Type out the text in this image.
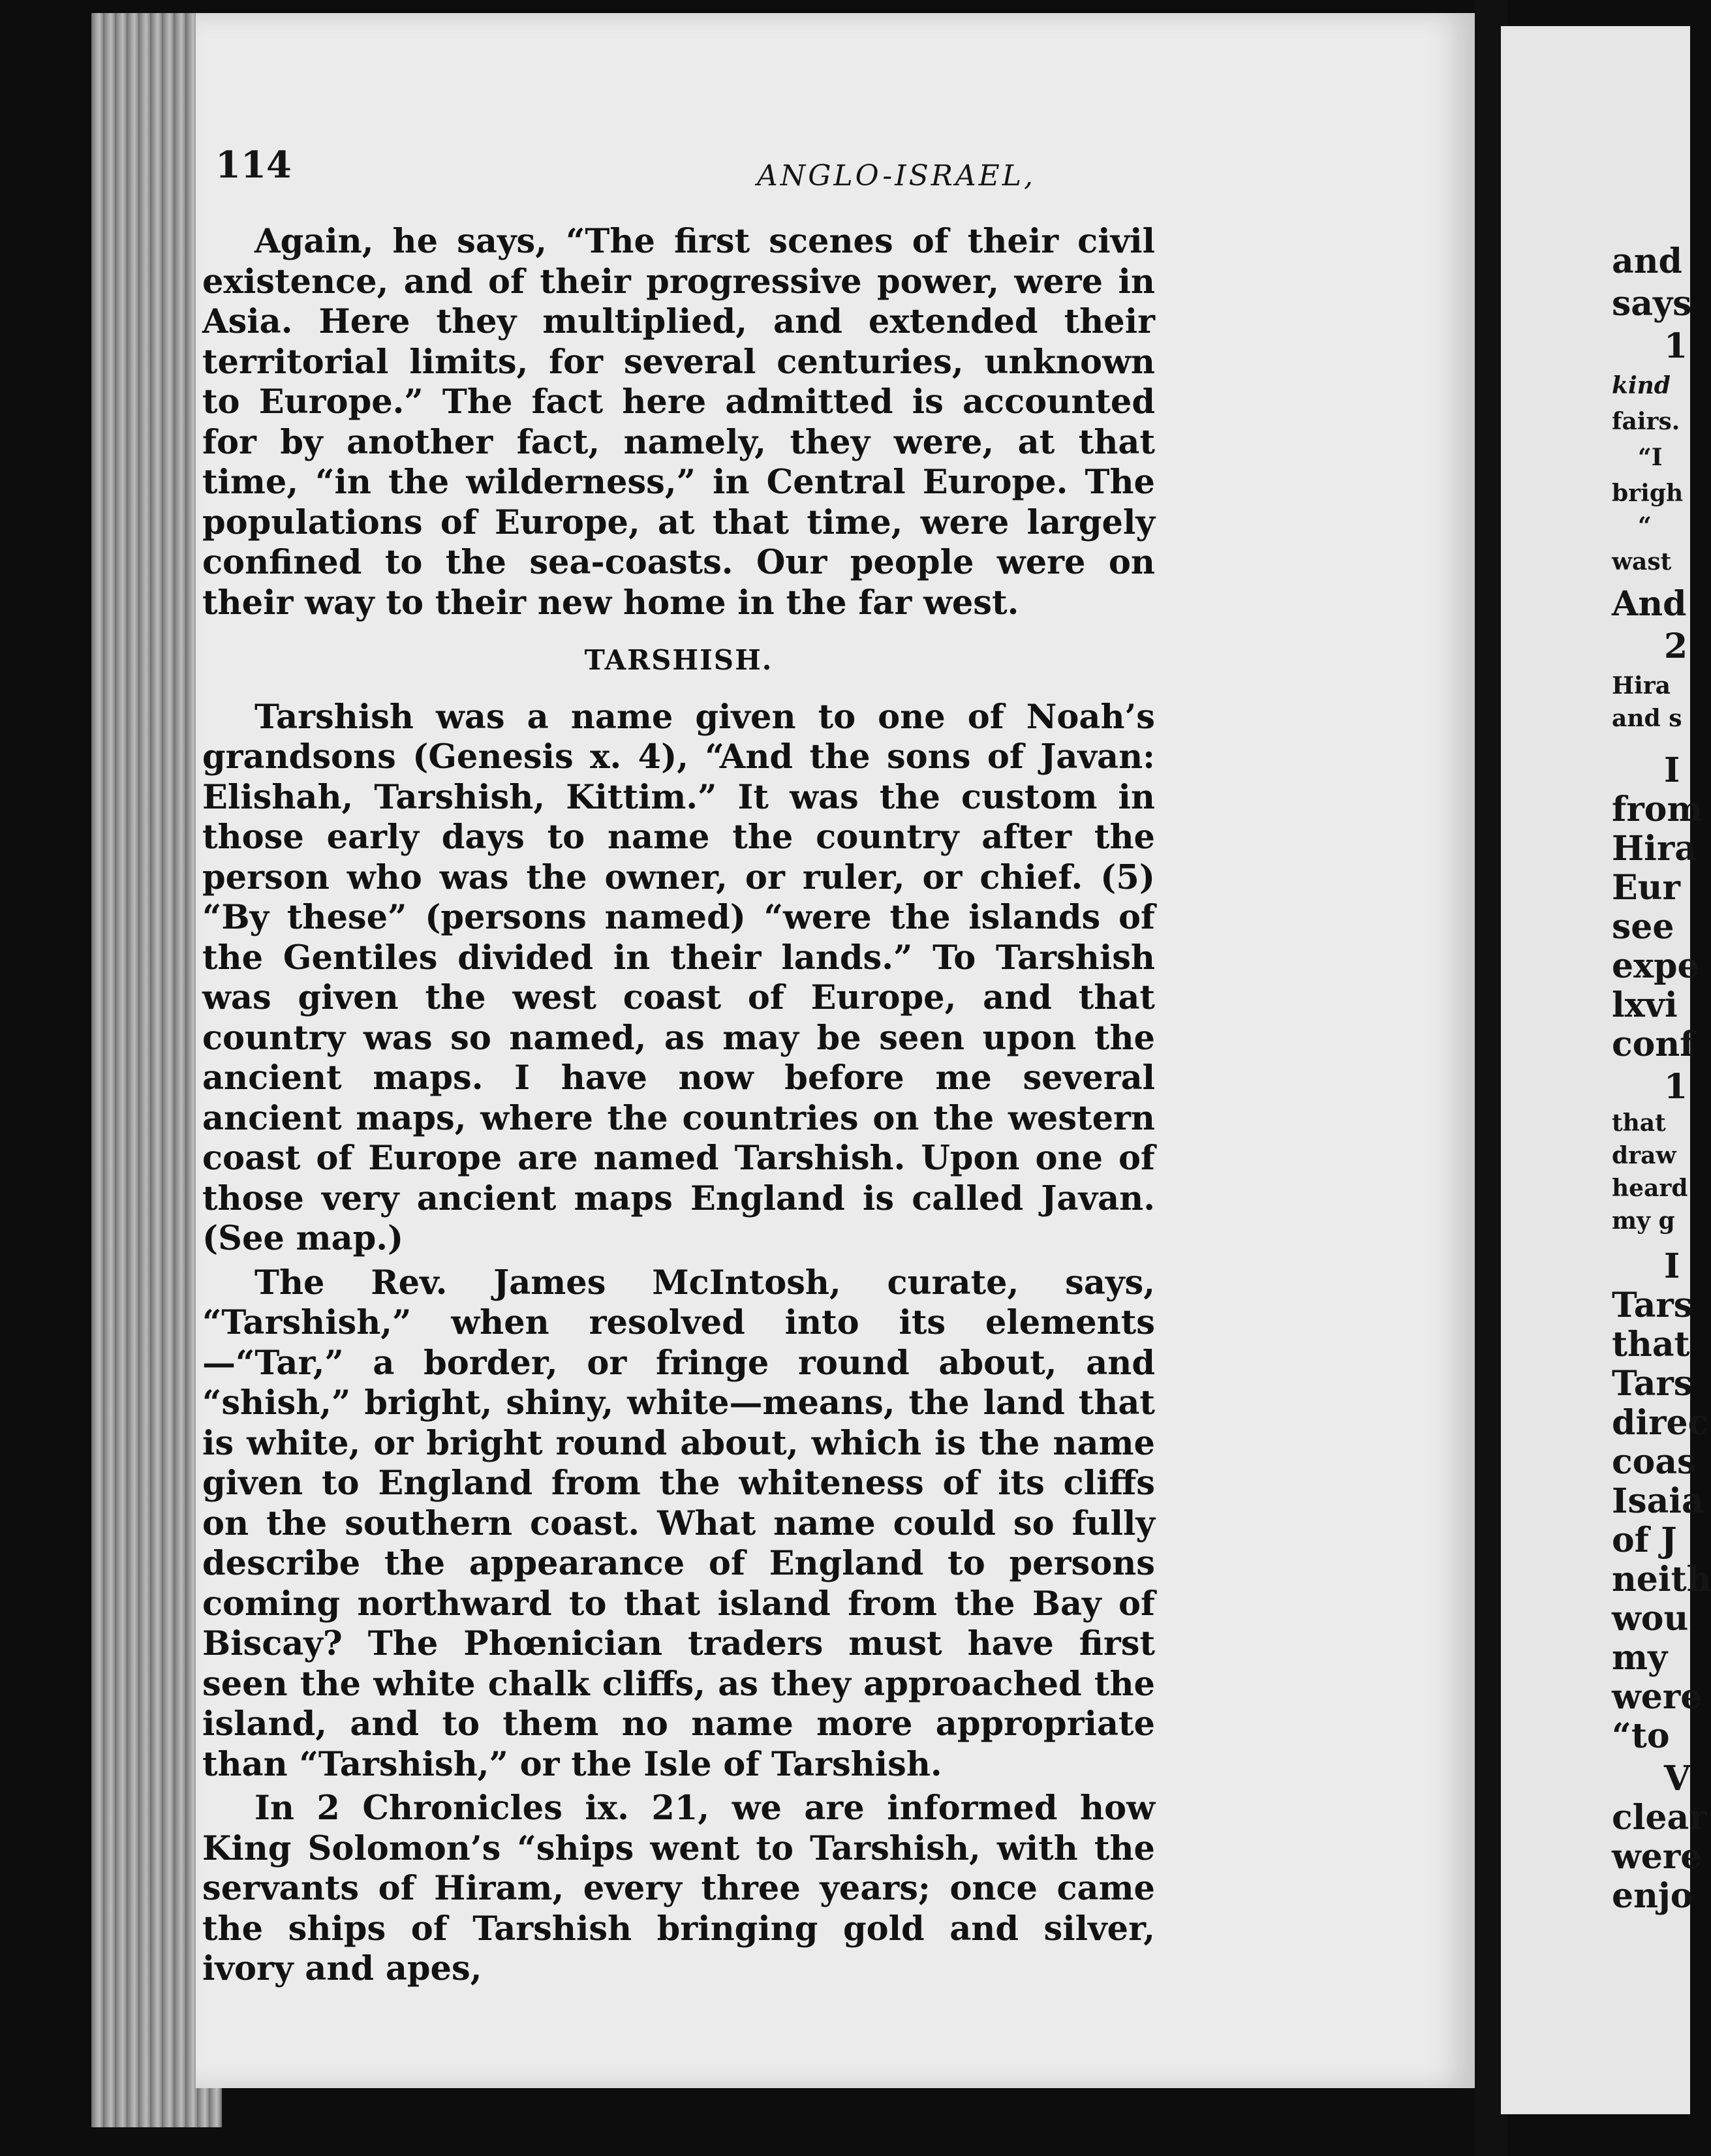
114	ANGLO-ISRAEL,

Again, he says, “The first scenes of their civil existence, and of their progressive power, were in Asia. Here they multiplied, and extended their territorial limits, for several centuries, unknown to Europe.” The fact here admitted is accounted for by another fact, namely, they were, at that time, “in the wilderness,” in Central Europe. The populations of Europe, at that time, were largely confined to the sea-coasts. Our people were on their way to their new home in the far west.

TARSHISH.

Tarshish was a name given to one of Noah’s grandsons (Genesis x. 4), “And the sons of Javan: Elishah, Tarshish, Kittim.” It was the custom in those early days to name the country after the person who was the owner, or ruler, or chief. (5) “By these” (persons named) “were the islands of the Gentiles divided in their lands.” To Tarshish was given the west coast of Europe, and that country was so named, as may be seen upon the ancient maps. I have now before me several ancient maps, where the countries on the western coast of Europe are named Tarshish. Upon one of those very ancient maps England is called Javan. (See map.)

The Rev. James McIntosh, curate, says, “Tarshish,” when resolved into its elements—“Tar,” a border, or fringe round about, and “shish,” bright, shiny, white—means, the land that is white, or bright round about, which is the name given to England from the whiteness of its cliffs on the southern coast. What name could so fully describe the appearance of England to persons coming northward to that island from the Bay of Biscay? The Phœnician traders must have first seen the white chalk cliffs, as they approached the island, and to them no name more appropriate than “Tarshish,” or the Isle of Tarshish.

In 2 Chronicles ix. 21, we are informed how King Solomon’s “ships went to Tarshish, with the servants of Hiram, every three years; once came the ships of Tarshish bringing gold and silver, ivory and apes,

and
says
1
kind
fairs.
“I
brigh
“
wast
And
2
Hira
and s
I
from
Hira
Eur
see
expe
lxvi
conf
1
that
draw
heard
my g
I
Tars
that
Tars
direc
coas
Isaia
of J
neith
wou
my
were
“to
V
clear
were
enjo
